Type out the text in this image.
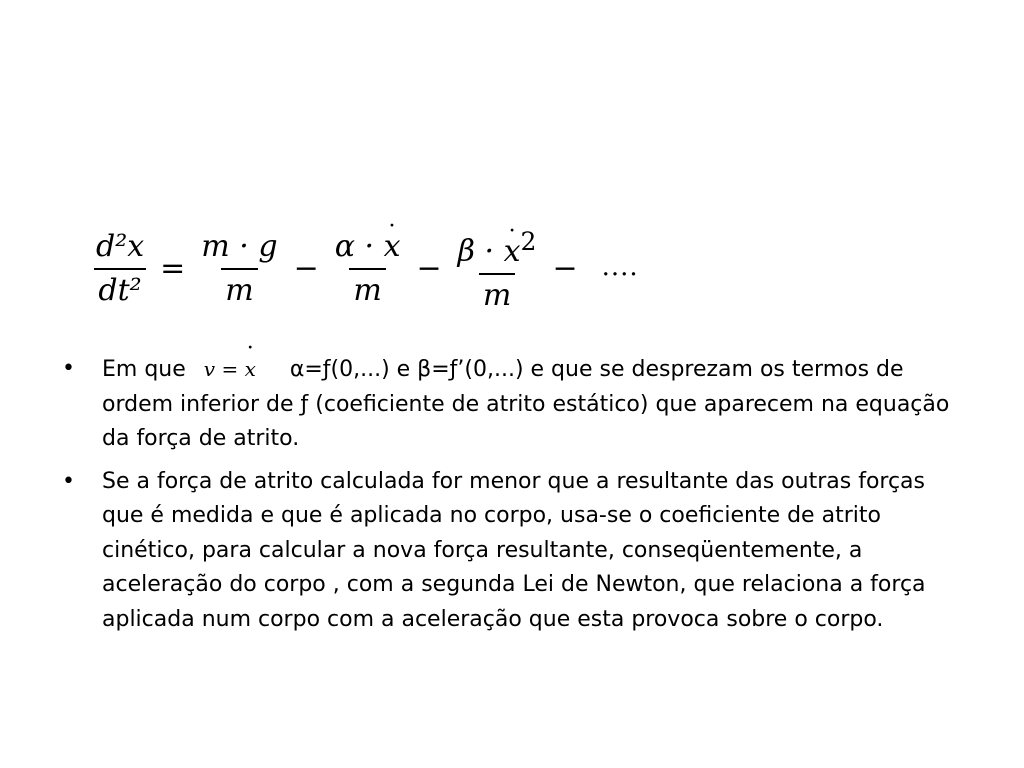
$\frac{\text{d²x}}{\text{dt²}} = \frac{m \cdot g}{m} - \frac{\alpha \cdot \cdot x}{m} - \frac{\beta \cdot \cdot x^2}{m}$ − ....
•	Em que v = · x α=ƒ(0,...) e β=ƒ’(0,...) e que se desprezam os termos de ordem inferior de ƒ (coeficiente de atrito estático) que aparecem na equação da força de atrito.
•	Se a força de atrito calculada for menor que a resultante das outras forças que é medida e que é aplicada no corpo, usa-se o coeficiente de atrito cinético, para calcular a nova força resultante, conseqüentemente, a aceleração do corpo , com a segunda Lei de Newton, que relaciona a força aplicada num corpo com a aceleração que esta provoca sobre o corpo.
